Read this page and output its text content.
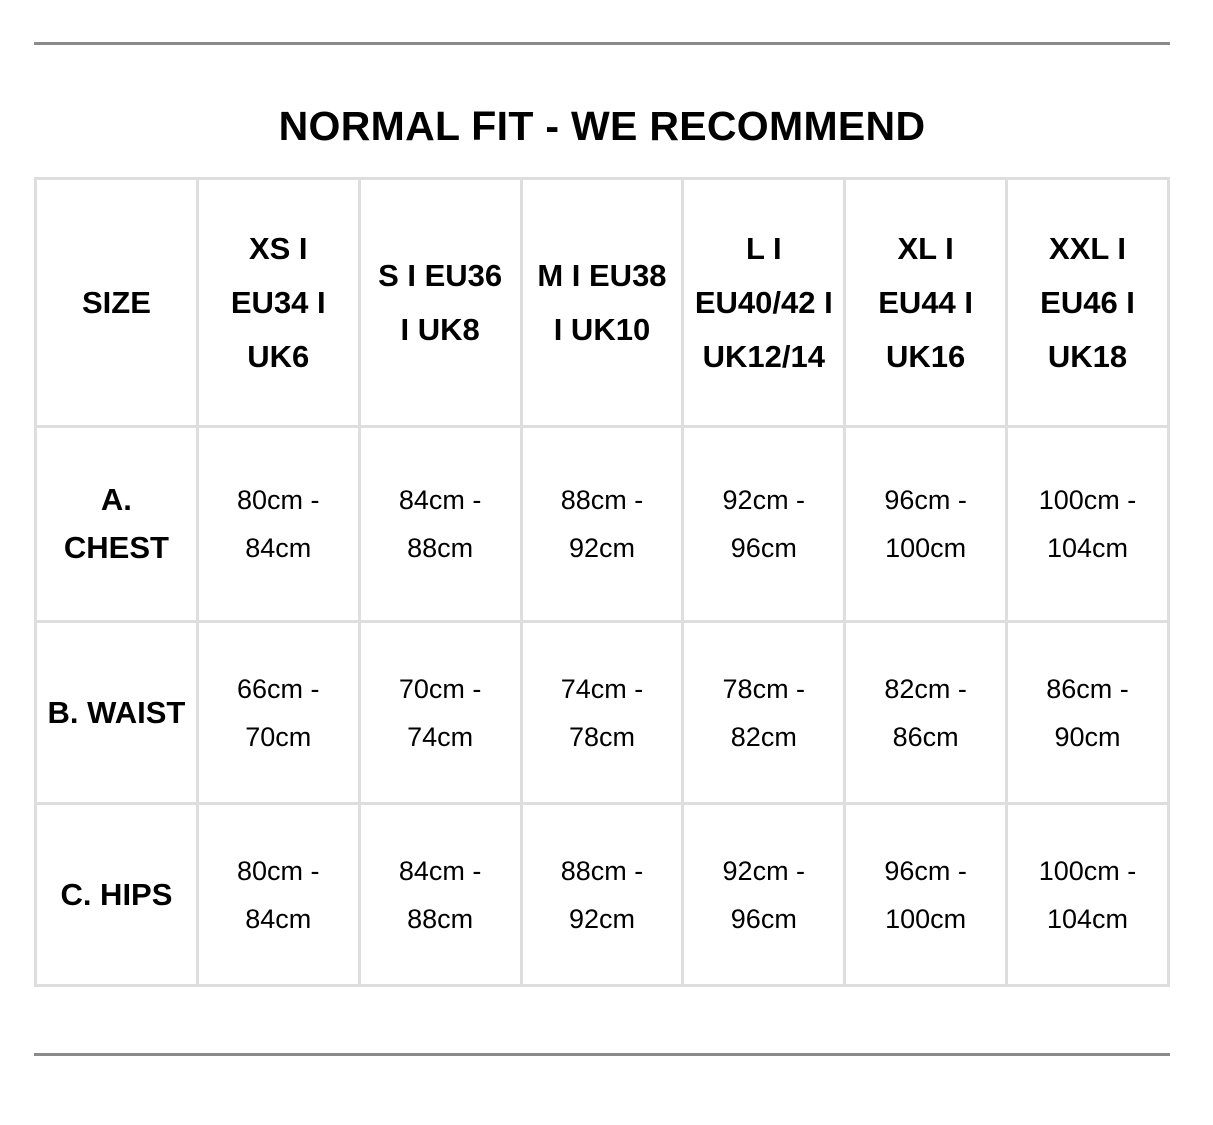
NORMAL FIT - WE RECOMMEND
SIZE	XS I EU34 I UK6	S I EU36 I UK8	M I EU38 I UK10	L I EU40/42 I UK12/14	XL I EU44 I UK16	XXL I EU46 I UK18

A. CHEST	80cm - 84cm	84cm - 88cm	88cm - 92cm	92cm - 96cm	96cm - 100cm	100cm - 104cm

B. WAIST	66cm - 70cm	70cm - 74cm	74cm - 78cm	78cm - 82cm	82cm - 86cm	86cm - 90cm

C. HIPS	80cm - 84cm	84cm - 88cm	88cm - 92cm	92cm - 96cm	96cm - 100cm	100cm - 104cm
